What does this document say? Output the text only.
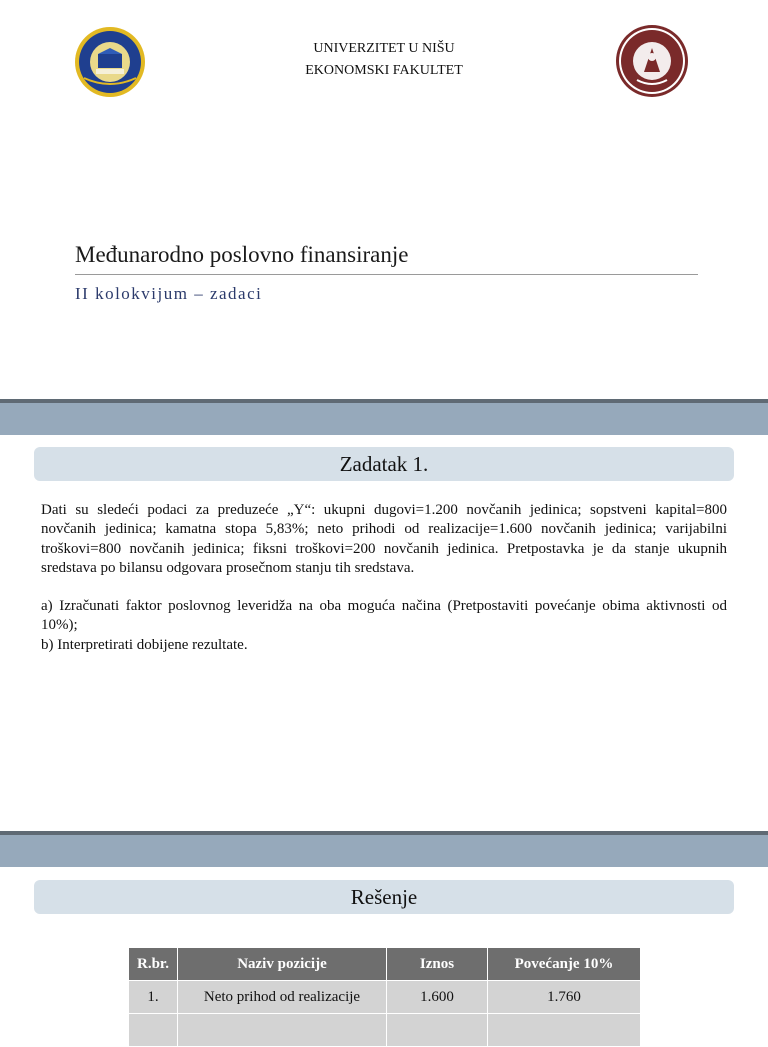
UNIVERZITET U NIŠU
EKONOMSKI FAKULTET
Međunarodno poslovno finansiranje
II kolokvijum – zadaci
Zadatak 1.

Dati su sledeći podaci za preduzeće „Y“: ukupni dugovi=1.200 novčanih jedinica; sopstveni kapital=800 novčanih jedinica; kamatna stopa 5,83%; neto prihodi od realizacije=1.600 novčanih jedinica; varijabilni troškovi=800 novčanih jedinica; fiksni troškovi=200 novčanih jedinica. Pretpostavka je da stanje ukupnih sredstava po bilansu odgovara prosečnom stanju tih sredstava.

a) Izračunati faktor poslovnog leveridža na oba moguća načina (Pretpostaviti povećanje obima aktivnosti od 10%);

b) Interpretirati dobijene rezultate.

Rešenje
R.br.	Naziv pozicije	Iznos	Povećanje 10%
1.	Neto prihod od realizacije	1.600	1.760
